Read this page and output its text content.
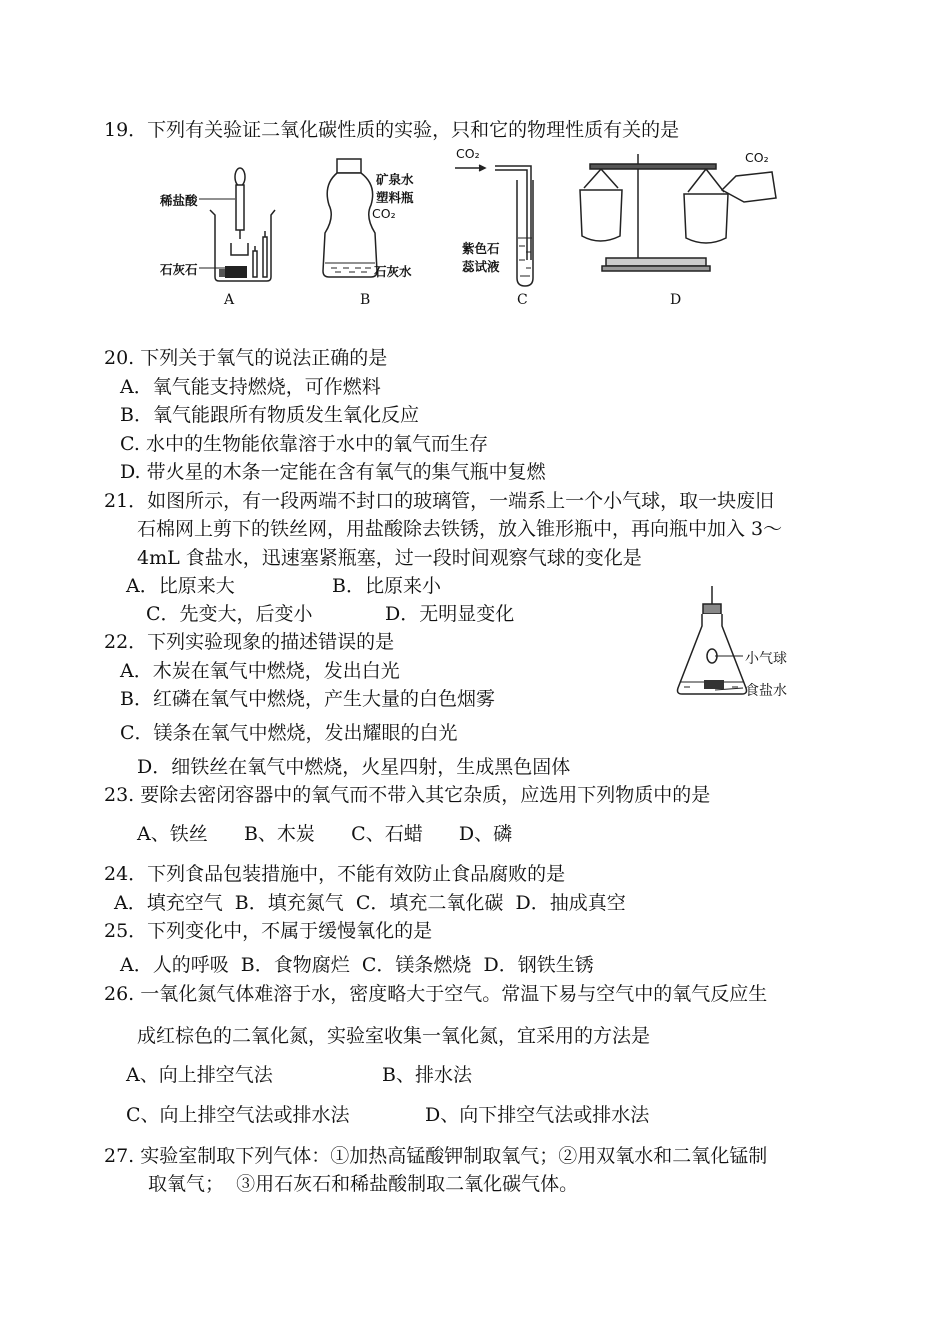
19．下列有关验证二氧化碳性质的实验，只和它的物理性质有关的是
稀盐酸
石灰石
A
矿泉水
塑料瓶
CO₂
石灰水
B
CO₂
紫色石
蕊试液
C
CO₂
D
20. 下列关于氧气的说法正确的是
A．氧气能支持燃烧，可作燃料
B．氧气能跟所有物质发生氧化反应
C. 水中的生物能依靠溶于水中的氧气而生存
D. 带火星的木条一定能在含有氧气的集气瓶中复燃
21．如图所示，有一段两端不封口的玻璃管，一端系上一个小气球，取一块废旧
石棉网上剪下的铁丝网，用盐酸除去铁锈，放入锥形瓶中，再向瓶中加入 3～
4mL 食盐水，迅速塞紧瓶塞，过一段时间观察气球的变化是
A．比原来大	B．比原来小
C．先变大，后变小	D．无明显变化
小气球
食盐水
22．下列实验现象的描述错误的是
A．木炭在氧气中燃烧，发出白光
B．红磷在氧气中燃烧，产生大量的白色烟雾
C．镁条在氧气中燃烧，发出耀眼的白光
D．细铁丝在氧气中燃烧，火星四射，生成黑色固体
23. 要除去密闭容器中的氧气而不带入其它杂质，应选用下列物质中的是
A、铁丝      B、木炭      C、石蜡      D、磷
24．下列食品包装措施中，不能有效防止食品腐败的是
A．填充空气  B．填充氮气  C．填充二氧化碳  D．抽成真空
25．下列变化中，不属于缓慢氧化的是
A．人的呼吸  B．食物腐烂  C．镁条燃烧  D．钢铁生锈
26. 一氧化氮气体难溶于水，密度略大于空气。常温下易与空气中的氧气反应生
成红棕色的二氧化氮，实验室收集一氧化氮，宜采用的方法是
A、向上排空气法	B、排水法
C、向上排空气法或排水法	D、向下排空气法或排水法
27. 实验室制取下列气体：①加热高锰酸钾制取氧气；②用双氧水和二氧化锰制
取氧气；  ③用石灰石和稀盐酸制取二氧化碳气体。
